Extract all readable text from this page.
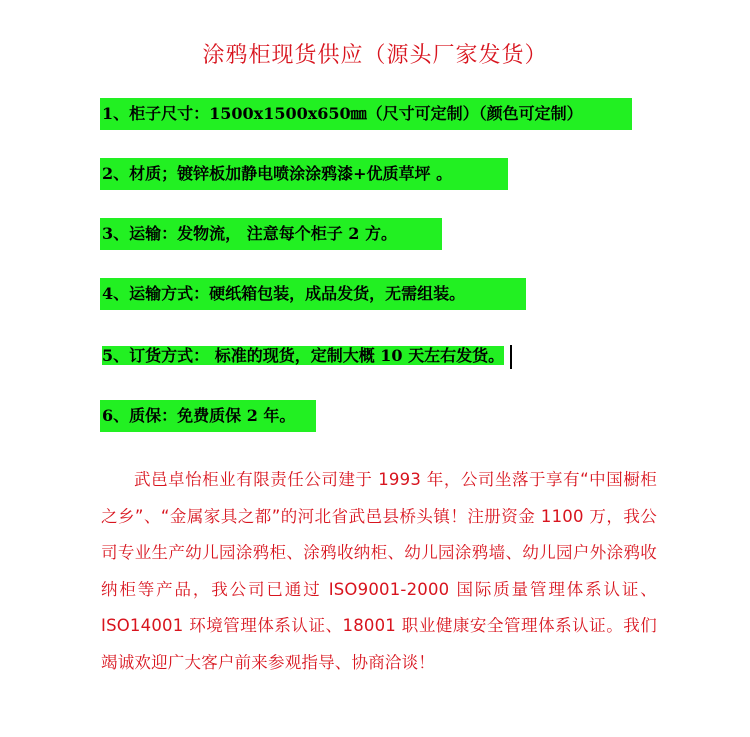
涂鸦柜现货供应（源头厂家发货）
1、柜子尺寸：1500x1500x650㎜（尺寸可定制）（颜色可定制）
2、材质；镀锌板加静电喷涂涂鸦漆+优质草坪 。
3、运输：发物流， 注意每个柜子 2 方。
4、运输方式：硬纸箱包装，成品发货，无需组装。
5、订货方式： 标准的现货，定制大概 10 天左右发货。
6、质保：免费质保 2 年。
武邑卓怡柜业有限责任公司建于 1993 年，公司坐落于享有“中国橱柜之乡”、“金属家具之都”的河北省武邑县桥头镇！注册资金 1100 万，我公司专业生产幼儿园涂鸦柜、涂鸦收纳柜、幼儿园涂鸦墙、幼儿园户外涂鸦收纳柜等产品，我公司已通过 ISO9001-2000 国际质量管理体系认证、ISO14001 环境管理体系认证、18001 职业健康安全管理体系认证。我们竭诚欢迎广大客户前来参观指导、协商洽谈！
